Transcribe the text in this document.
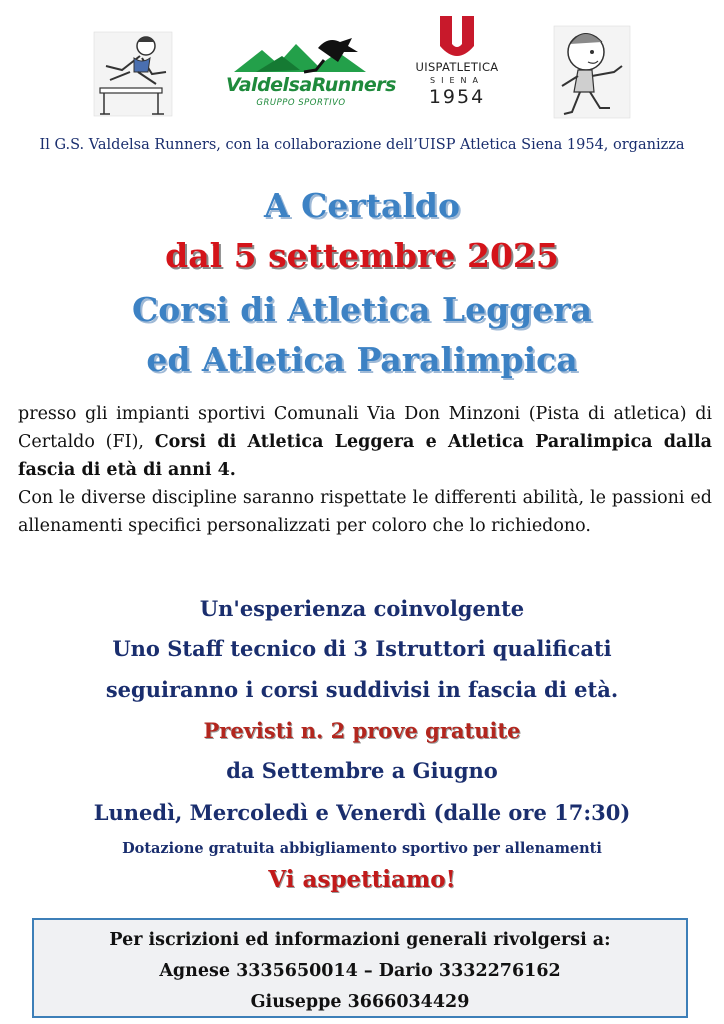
ValdelsaRunners
GRUPPO SPORTIVO
UISPATLETICA
SIENA
1954
Il G.S. Valdelsa Runners, con la collaborazione dell’UISP Atletica Siena 1954, organizza
A Certaldo
dal 5 settembre 2025
Corsi di Atletica Leggera
ed Atletica Paralimpica
presso gli impianti sportivi Comunali Via Don Minzoni (Pista di atletica) di Certaldo (FI), Corsi di Atletica Leggera e Atletica Paralimpica dalla fascia di età di anni 4.
Con le diverse discipline saranno rispettate le differenti abilità, le passioni ed allenamenti specifici personalizzati per coloro che lo richiedono.
Un'esperienza coinvolgente
Uno Staff tecnico di 3 Istruttori qualificati
seguiranno i corsi suddivisi in fascia di età.
Previsti n. 2 prove gratuite
da Settembre a Giugno
Lunedì, Mercoledì e Venerdì (dalle ore 17:30)
Dotazione gratuita abbigliamento sportivo per allenamenti
Vi aspettiamo!
Per iscrizioni ed informazioni generali rivolgersi a:
Agnese 3335650014 – Dario 3332276162
Giuseppe 3666034429
